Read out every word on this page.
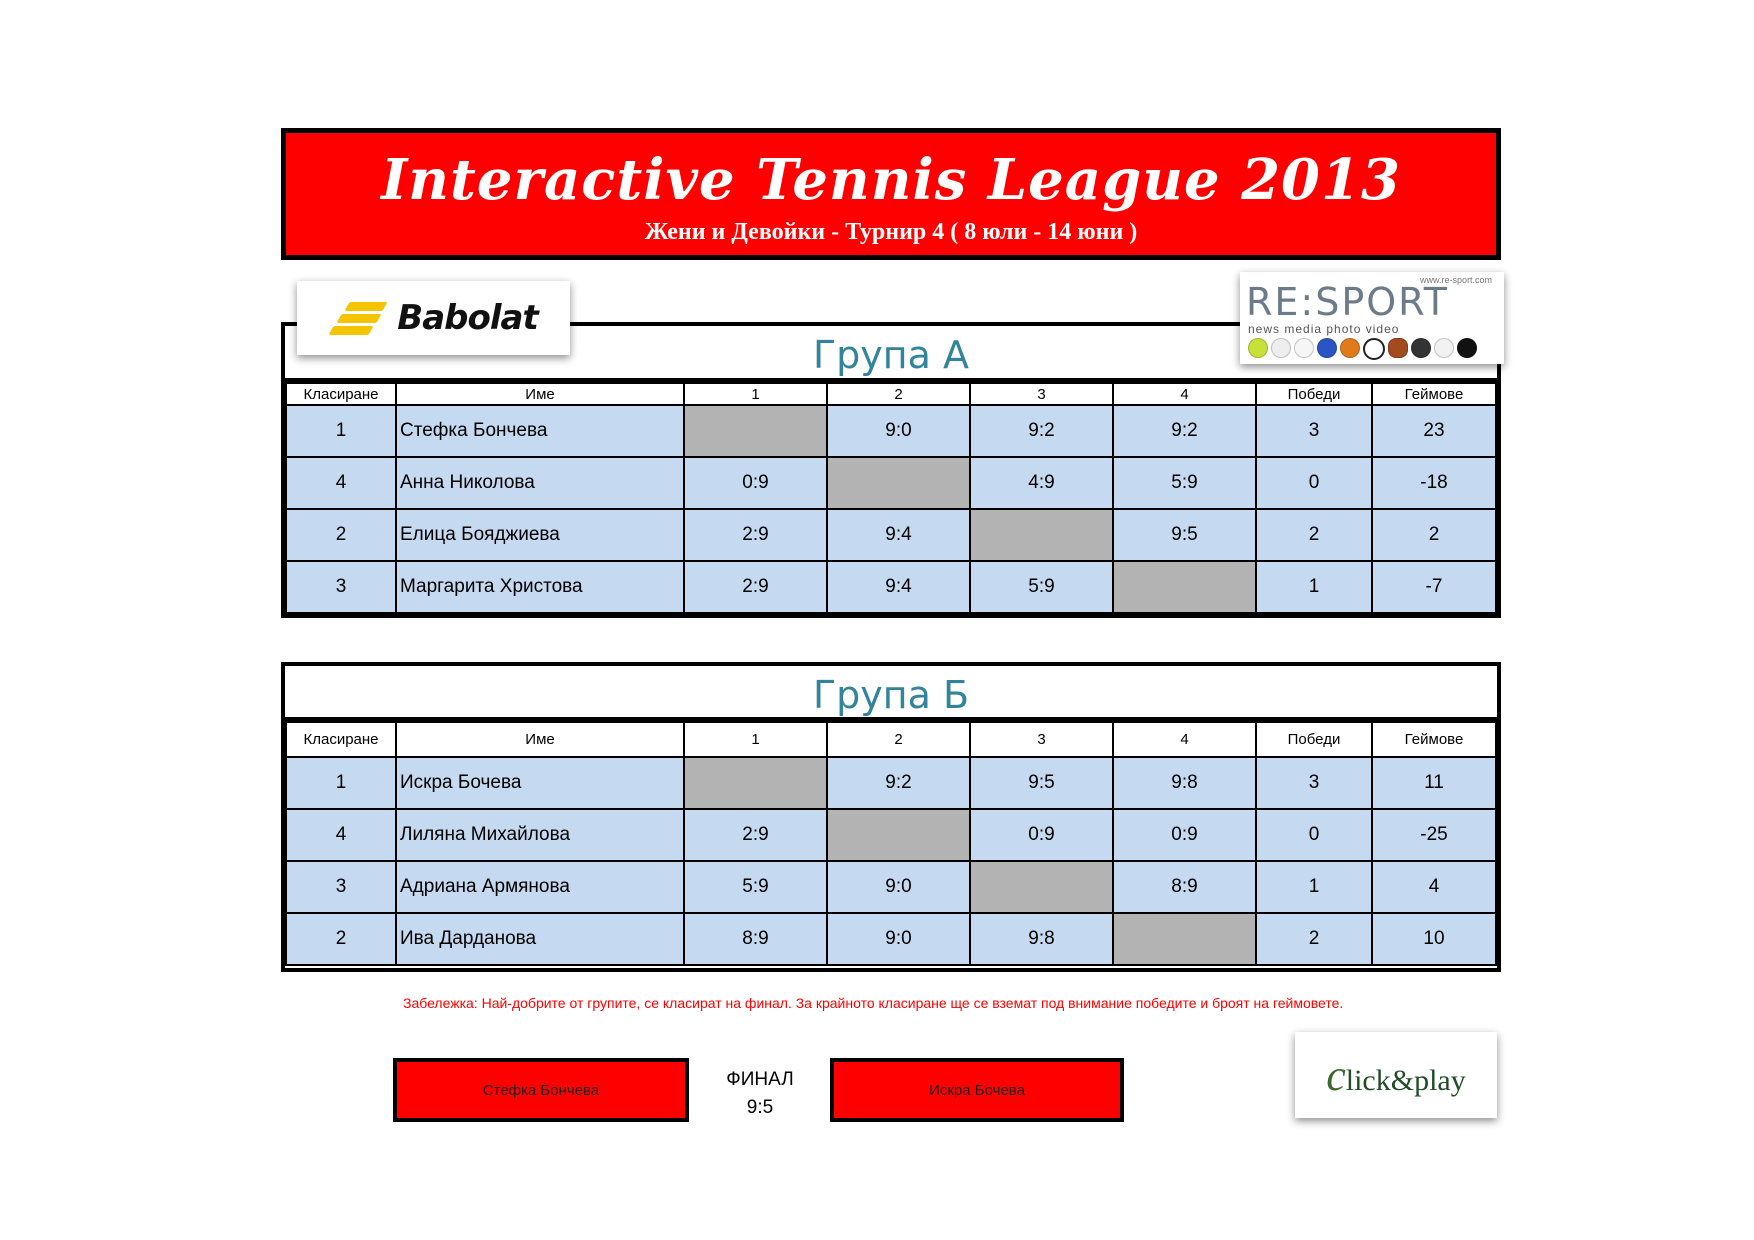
Interactive Tennis League 2013
Жени и Девойки - Турнир 4 ( 8 юли - 14 юни )
Група А
Класиране	Име	1	2	3	4	Победи	Геймове
1	Стефка Бончева		9:0	9:2	9:2	3	23
4	Анна Николова	0:9		4:9	5:9	0	-18
2	Елица Бояджиева	2:9	9:4		9:5	2	2
3	Маргарита Христова	2:9	9:4	5:9		1	-7
Babolat
www.re-sport.com
RE:SPORT
news media photo video
Група Б
Класиране	Име	1	2	3	4	Победи	Геймове
1	Искра Бочева		9:2	9:5	9:8	3	11
4	Лиляна Михайлова	2:9		0:9	0:9	0	-25
3	Адриана Армянова	5:9	9:0		8:9	1	4
2	Ива Дарданова	8:9	9:0	9:8		2	10
Забележка: Най-добрите от групите, се класират на финал. За крайното класиране ще се вземат под внимание победите и броят на геймовете.
Стефка Бончева	ФИНАЛ
9:5
Искра Бочева	click&play
